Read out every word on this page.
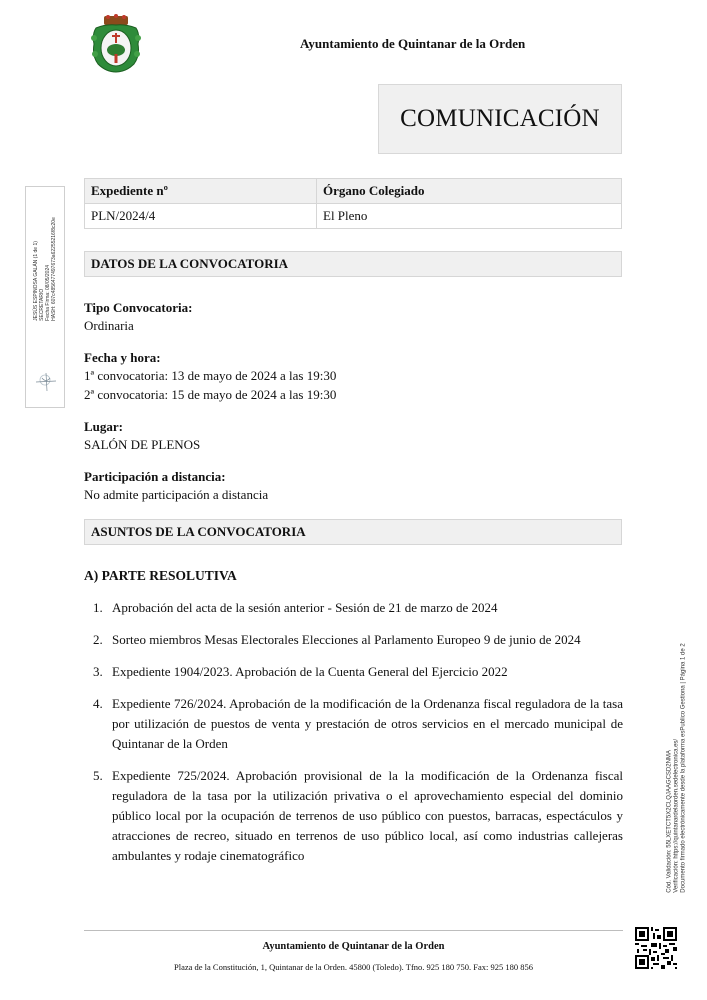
Ayuntamiento de Quintanar de la Orden
COMUNICACIÓN
Expediente nº	Órgano Colegiado
PLN/2024/4	El Pleno
DATOS DE LA CONVOCATORIA
Tipo Convocatoria:
Ordinaria
Fecha y hora:
1ª convocatoria: 13 de mayo de 2024 a las 19:30
2ª convocatoria: 15 de mayo de 2024 a las 19:30
Lugar:
SALÓN DE PLENOS
Participación a distancia:
No admite participación a distancia
ASUNTOS DE LA CONVOCATORIA
A) PARTE RESOLUTIVA
1. Aprobación del acta de la sesión anterior - Sesión de 21 de marzo de 2024
2. Sorteo miembros Mesas Electorales Elecciones al Parlamento Europeo 9 de junio de 2024
3. Expediente 1904/2023. Aprobación de la Cuenta General del Ejercicio 2022
4. Expediente 726/2024. Aprobación de la modificación de la Ordenanza fiscal reguladora de la tasa por utilización de puestos de venta y prestación de otros servicios en el mercado municipal de Quintanar de la Orden
5. Expediente 725/2024. Aprobación provisional de la la modificación de la Ordenanza fiscal reguladora de la tasa por la utilización privativa o el aprovechamiento especial del dominio público local por la ocupación de terrenos de uso público con puestos, barracas, espectáculos y atracciones de recreo, situado en terrenos de uso público local, así como industrias callejeras ambulantes y rodaje cinematográfico
Ayuntamiento de Quintanar de la Orden
Plaza de la Constitución, 1, Quintanar de la Orden. 45800 (Toledo). Tfno. 925 180 750. Fax: 925 180 856
JESÚS ESPINOSA GALÁN (1 de 1) SECRETARIO Fecha Firma: 08/05/2024 HASH: 607c4856477497673a62255216f8c20e
Cód. Validación: 55LXETCT5X2CLQJAAGCSD2NMA Verificación: https://quintanardelaorden.sedelectronica.es/ Documento firmado electrónicamente desde la plataforma esPublico Gestiona | Página 1 de 2
